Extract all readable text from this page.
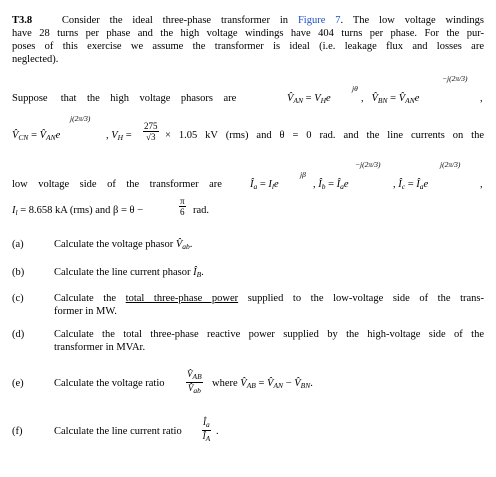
T3.8	Consider the ideal three-phase transformer in Figure 7. The low voltage windings
have 28 turns per phase and the high voltage windings have 404 turns per phase. For the pur-
poses of this exercise we assume the transformer is ideal (i.e. leakage flux and losses are
neglected).
Suppose that the high voltage phasors are	$V̂_{AN} = V_He$
jθ
,   $V̂_{BN}$ = $V̂_{AN}e$
−j(2π/3)
,
j(2π/3)
$V̂_{CN}$ = $V̂_{AN}e$	, $V_H = \frac{275}{√3} \times 1.05$ kV (rms) and θ = 0 rad. and the line currents on the
low voltage side of the transformer are	$Î_a = I_le$
jβ
, $Î_b$ = $Î_ae$
−j(2π/3)
, $Î_c$ = $Î_ae$
j(2π/3)
,
$I_l = 8.658$ kA (rms) and β = θ −	$\frac{\pi}{6}$ rad.
(a)	Calculate the voltage phasor $V̂_{ab}$.
(b)	Calculate the line current phasor $Î_B$.
(c)	Calculate the total three-phase power supplied to the low-voltage side of the trans-
former in MW.
(d)	Calculate the total three-phase reactive power supplied by the high-voltage side of the
transformer in MVAr.
(e)	Calculate the voltage ratio $\frac{V̂_{AB}}{V̂_{ab}}$ where $V̂_{AB}$ = $V̂_{AN}$ − $V̂_{BN}$.
(f)	Calculate the line current ratio $\frac{Î_a}{Î_A}$ .
